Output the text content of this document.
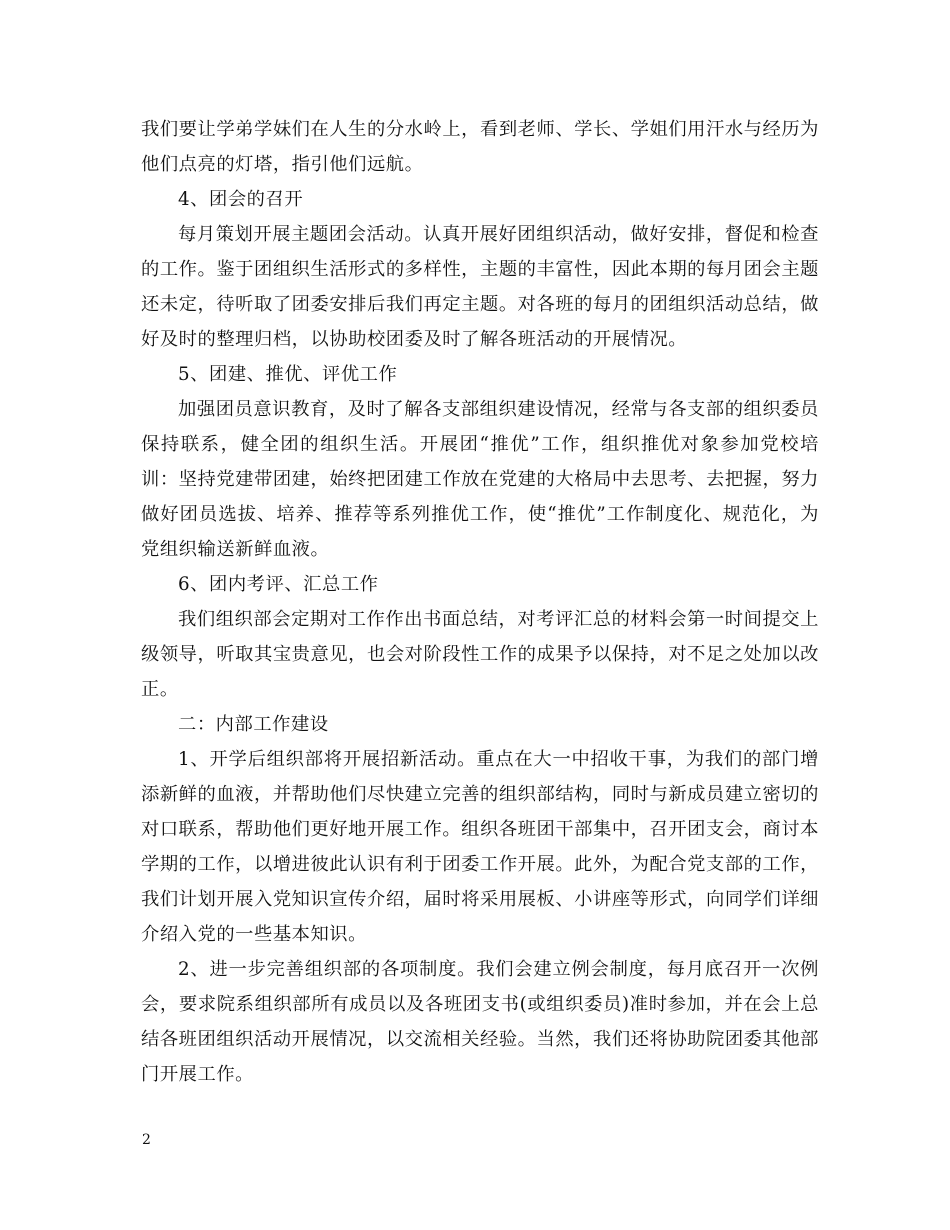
我们要让学弟学妹们在人生的分水岭上，看到老师、学长、学姐们用汗水与经历为他们点亮的灯塔，指引他们远航。

4、团会的召开

每月策划开展主题团会活动。认真开展好团组织活动，做好安排，督促和检查的工作。鉴于团组织生活形式的多样性，主题的丰富性，因此本期的每月团会主题还未定，待听取了团委安排后我们再定主题。对各班的每月的团组织活动总结，做好及时的整理归档，以协助校团委及时了解各班活动的开展情况。

5、团建、推优、评优工作

加强团员意识教育，及时了解各支部组织建设情况，经常与各支部的组织委员保持联系，健全团的组织生活。开展团“推优”工作，组织推优对象参加党校培训：坚持党建带团建，始终把团建工作放在党建的大格局中去思考、去把握，努力做好团员选拔、培养、推荐等系列推优工作，使“推优”工作制度化、规范化，为党组织输送新鲜血液。

6、团内考评、汇总工作

我们组织部会定期对工作作出书面总结，对考评汇总的材料会第一时间提交上级领导，听取其宝贵意见，也会对阶段性工作的成果予以保持，对不足之处加以改正。

二：内部工作建设

1、开学后组织部将开展招新活动。重点在大一中招收干事，为我们的部门增添新鲜的血液，并帮助他们尽快建立完善的组织部结构，同时与新成员建立密切的对口联系，帮助他们更好地开展工作。组织各班团干部集中，召开团支会，商讨本学期的工作，以增进彼此认识有利于团委工作开展。此外，为配合党支部的工作，我们计划开展入党知识宣传介绍，届时将采用展板、小讲座等形式，向同学们详细介绍入党的一些基本知识。

2、进一步完善组织部的各项制度。我们会建立例会制度，每月底召开一次例会，要求院系组织部所有成员以及各班团支书(或组织委员)准时参加，并在会上总结各班团组织活动开展情况，以交流相关经验。当然，我们还将协助院团委其他部门开展工作。

2
